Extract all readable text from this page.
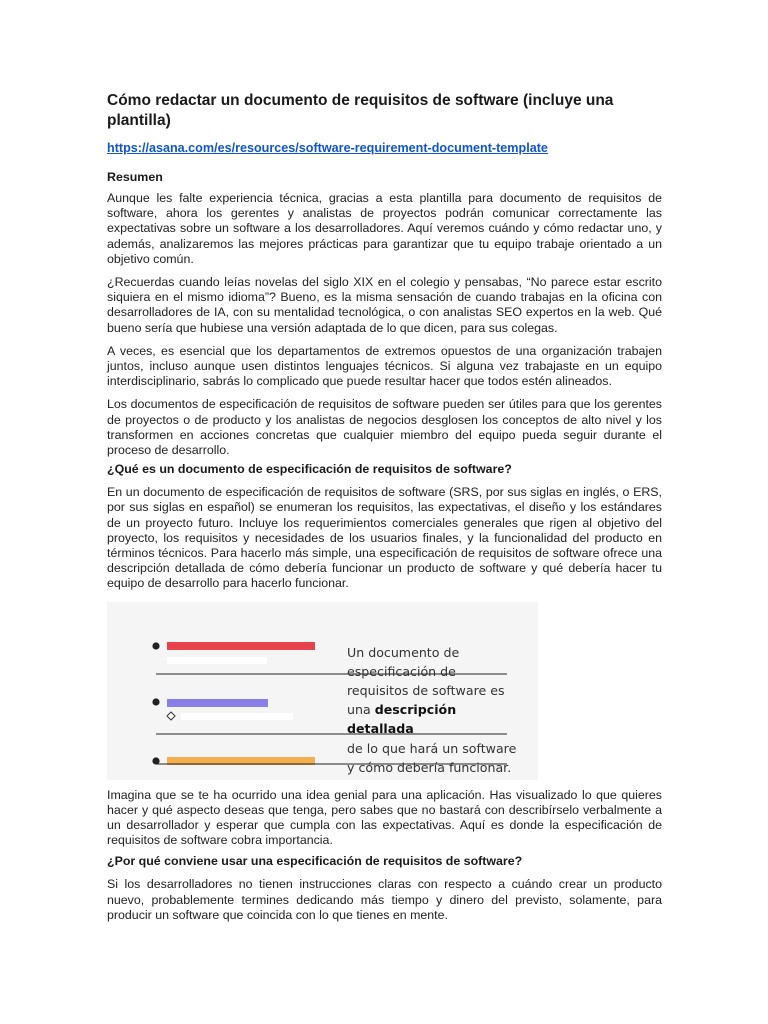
Cómo redactar un documento de requisitos de software (incluye una plantilla)
https://asana.com/es/resources/software-requirement-document-template
Resumen

Aunque les falte experiencia técnica, gracias a esta plantilla para documento de requisitos de software, ahora los gerentes y analistas de proyectos podrán comunicar correctamente las expectativas sobre un software a los desarrolladores. Aquí veremos cuándo y cómo redactar uno, y además, analizaremos las mejores prácticas para garantizar que tu equipo trabaje orientado a un objetivo común.

¿Recuerdas cuando leías novelas del siglo XIX en el colegio y pensabas, “No parece estar escrito siquiera en el mismo idioma”? Bueno, es la misma sensación de cuando trabajas en la oficina con desarrolladores de IA, con su mentalidad tecnológica, o con analistas SEO expertos en la web. Qué bueno sería que hubiese una versión adaptada de lo que dicen, para sus colegas.

A veces, es esencial que los departamentos de extremos opuestos de una organización trabajen juntos, incluso aunque usen distintos lenguajes técnicos. Si alguna vez trabajaste en un equipo interdisciplinario, sabrás lo complicado que puede resultar hacer que todos estén alineados.

Los documentos de especificación de requisitos de software pueden ser útiles para que los gerentes de proyectos o de producto y los analistas de negocios desglosen los conceptos de alto nivel y los transformen en acciones concretas que cualquier miembro del equipo pueda seguir durante el proceso de desarrollo.

¿Qué es un documento de especificación de requisitos de software?

En un documento de especificación de requisitos de software (SRS, por sus siglas en inglés, o ERS, por sus siglas en español) se enumeran los requisitos, las expectativas, el diseño y los estándares de un proyecto futuro. Incluye los requerimientos comerciales generales que rigen al objetivo del proyecto, los requisitos y necesidades de los usuarios finales, y la funcionalidad del producto en términos técnicos. Para hacerlo más simple, una especificación de requisitos de software ofrece una descripción detallada de cómo debería funcionar un producto de software y qué debería hacer tu equipo de desarrollo para hacerlo funcionar.

Un documento de
especificación de
requisitos de software es
una descripción detallada
de lo que hará un software
y cómo debería funcionar.

Imagina que se te ha ocurrido una idea genial para una aplicación. Has visualizado lo que quieres hacer y qué aspecto deseas que tenga, pero sabes que no bastará con describírselo verbalmente a un desarrollador y esperar que cumpla con las expectativas. Aquí es donde la especificación de requisitos de software cobra importancia.

¿Por qué conviene usar una especificación de requisitos de software?

Si los desarrolladores no tienen instrucciones claras con respecto a cuándo crear un producto nuevo, probablemente termines dedicando más tiempo y dinero del previsto, solamente, para producir un software que coincida con lo que tienes en mente.
